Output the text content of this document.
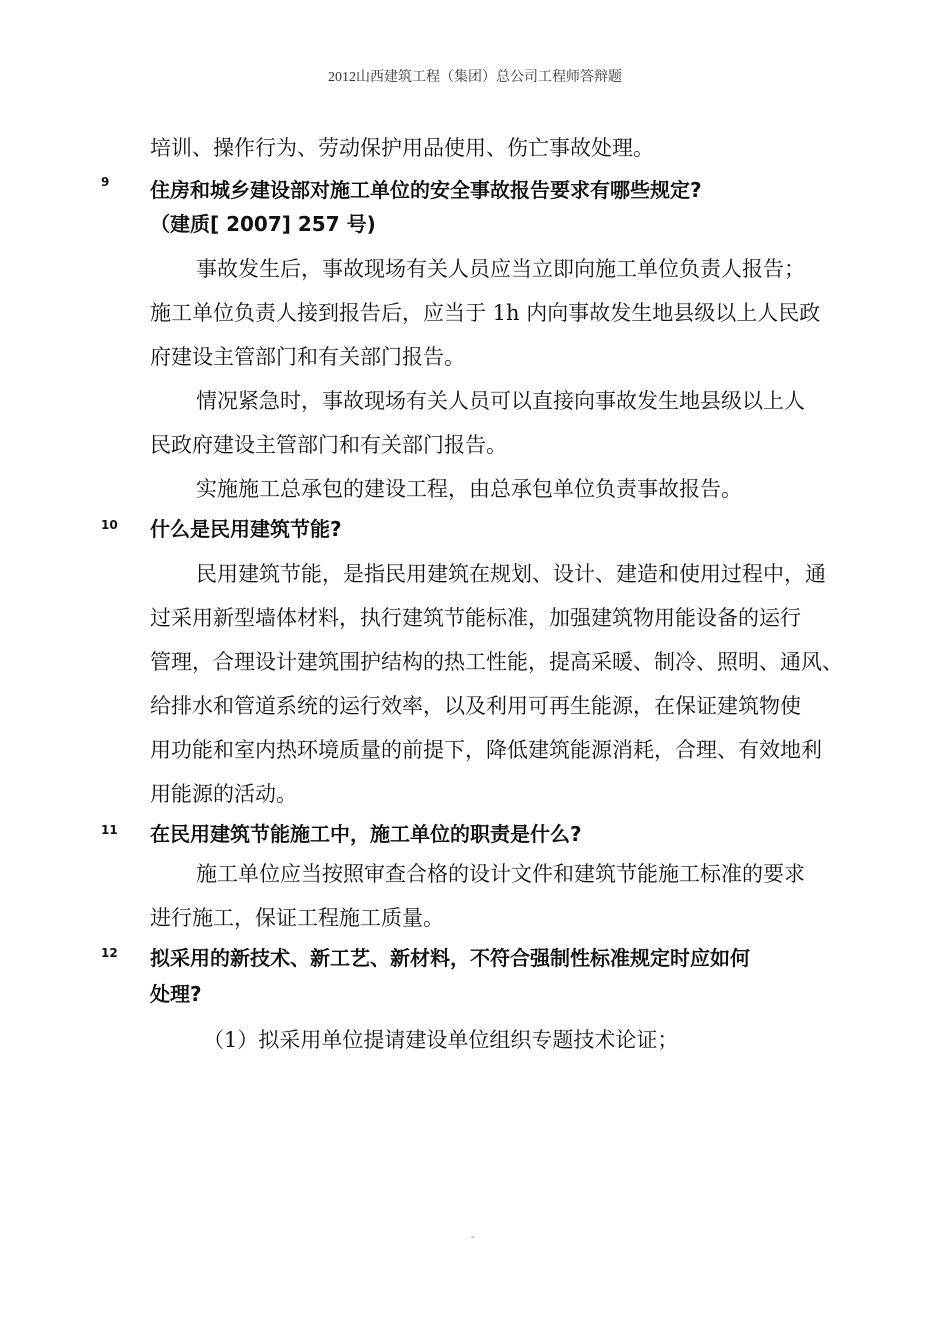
2012山西建筑工程（集团）总公司工程师答辩题
培训、操作行为、劳动保护用品使用、伤亡事故处理。
9 住房和城乡建设部对施工单位的安全事故报告要求有哪些规定?
（建质[ 2007] 257 号)
事故发生后，事故现场有关人员应当立即向施工单位负责人报告；
施工单位负责人接到报告后，应当于 1h 内向事故发生地县级以上人民政
府建设主管部门和有关部门报告。
情况紧急时，事故现场有关人员可以直接向事故发生地县级以上人
民政府建设主管部门和有关部门报告。
实施施工总承包的建设工程，由总承包单位负责事故报告。
10 什么是民用建筑节能?
民用建筑节能，是指民用建筑在规划、设计、建造和使用过程中，通
过采用新型墙体材料，执行建筑节能标准，加强建筑物用能设备的运行
管理，合理设计建筑围护结构的热工性能，提高采暖、制冷、照明、通风、
给排水和管道系统的运行效率，以及利用可再生能源，在保证建筑物使
用功能和室内热环境质量的前提下，降低建筑能源消耗，合理、有效地利
用能源的活动。
11 在民用建筑节能施工中，施工单位的职责是什么?
施工单位应当按照审查合格的设计文件和建筑节能施工标准的要求
进行施工，保证工程施工质量。
12 拟采用的新技术、新工艺、新材料，不符合强制性标准规定时应如何
处理?
（1）拟采用单位提请建设单位组织专题技术论证；
-
